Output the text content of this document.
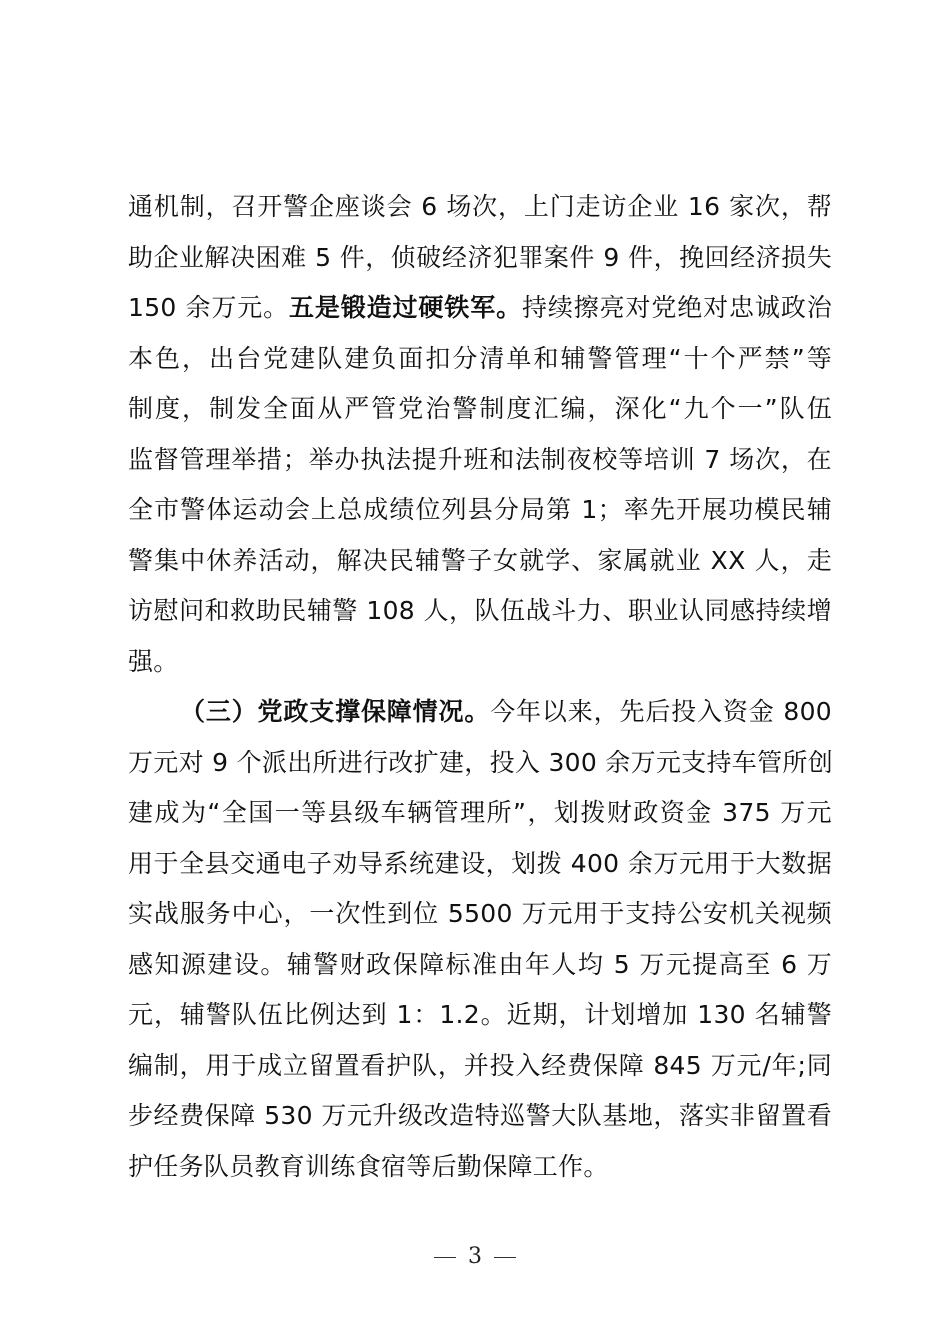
通机制，召开警企座谈会 6 场次，上门走访企业 16 家次，帮
助企业解决困难 5 件，侦破经济犯罪案件 9 件，挽回经济损失
150 余万元。五是锻造过硬铁军。持续擦亮对党绝对忠诚政治
本色，出台党建队建负面扣分清单和辅警管理“十个严禁”等
制度，制发全面从严管党治警制度汇编，深化“九个一”队伍
监督管理举措；举办执法提升班和法制夜校等培训 7 场次，在
全市警体运动会上总成绩位列县分局第 1；率先开展功模民辅
警集中休养活动，解决民辅警子女就学、家属就业 XX 人，走
访慰问和救助民辅警 108 人，队伍战斗力、职业认同感持续增
强。
（三）党政支撑保障情况。今年以来，先后投入资金 800
万元对 9 个派出所进行改扩建，投入 300 余万元支持车管所创
建成为“全国一等县级车辆管理所”，划拨财政资金 375 万元
用于全县交通电子劝导系统建设，划拨 400 余万元用于大数据
实战服务中心，一次性到位 5500 万元用于支持公安机关视频
感知源建设。辅警财政保障标准由年人均 5 万元提高至 6 万
元，辅警队伍比例达到 1：1.2。近期，计划增加 130 名辅警
编制，用于成立留置看护队，并投入经费保障 845 万元/年;同
步经费保障 530 万元升级改造特巡警大队基地，落实非留置看
护任务队员教育训练食宿等后勤保障工作。
3
